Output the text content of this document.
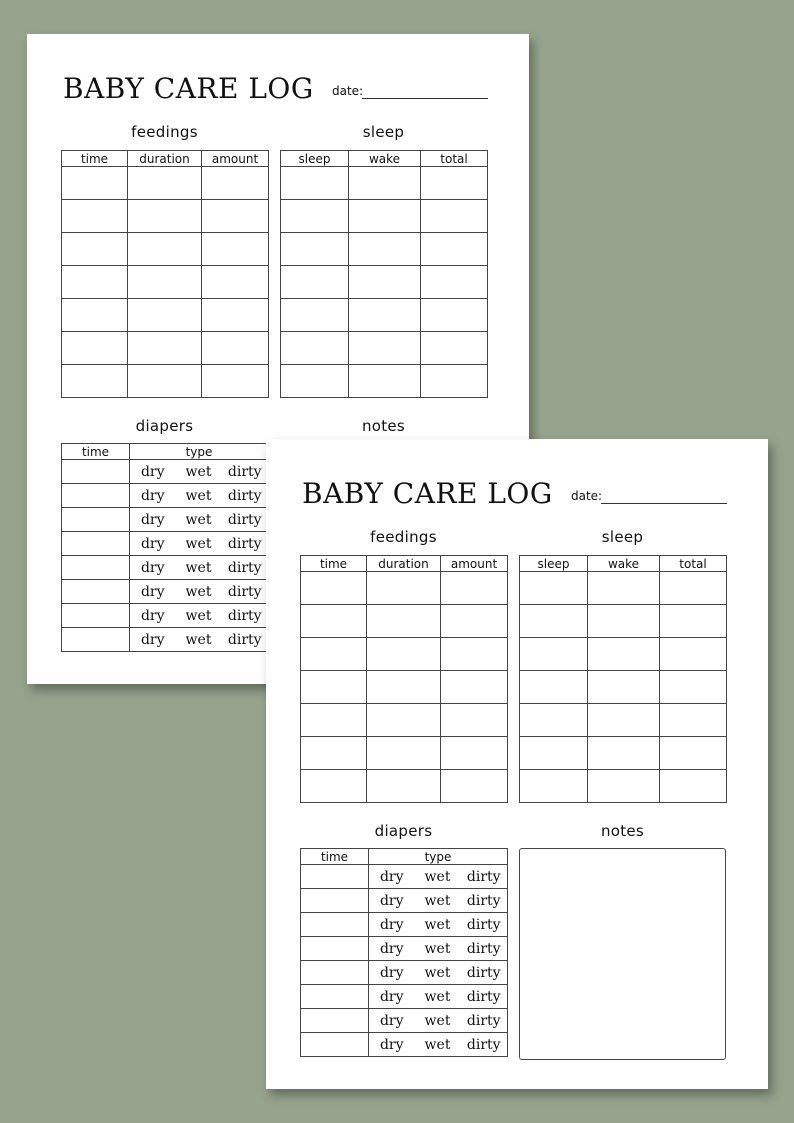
BABY CARE LOG date:
feedings
time	duration	amount

sleep
sleep	wake	total

diapers
time	type		
	dry	wet	dirty
	dry	wet	dirty
	dry	wet	dirty
	dry	wet	dirty
	dry	wet	dirty
	dry	wet	dirty
	dry	wet	dirty
	dry	wet	dirty
notes
BABY CARE LOG date:
feedings
time	duration	amount

sleep
sleep	wake	total

diapers
time	type		
	dry	wet	dirty
	dry	wet	dirty
	dry	wet	dirty
	dry	wet	dirty
	dry	wet	dirty
	dry	wet	dirty
	dry	wet	dirty
	dry	wet	dirty
notes
